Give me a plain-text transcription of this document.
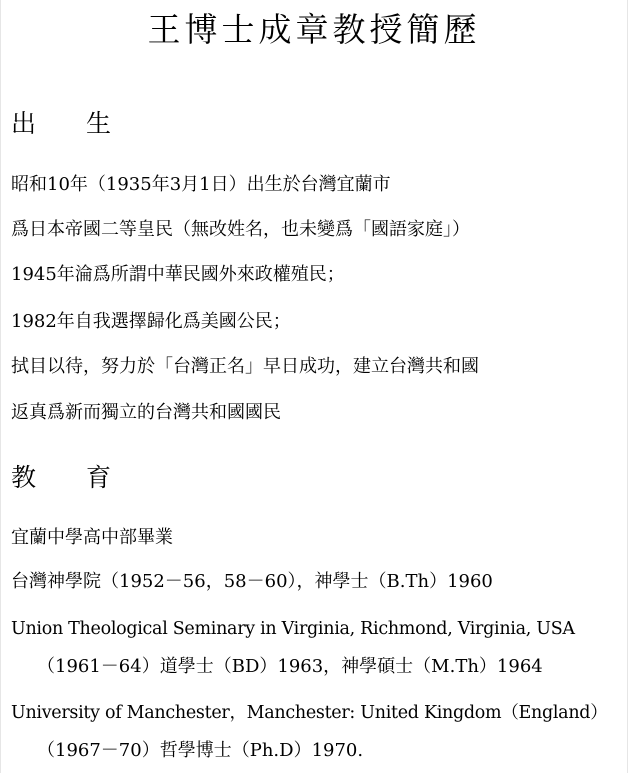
王博士成章教授簡歷
出　　生
昭和10年（1935年3月1日）出生於台灣宜蘭市
爲日本帝國二等皇民（無改姓名，也未變爲「國語家庭」）
1945年淪爲所謂中華民國外來政權殖民；
1982年自我選擇歸化爲美國公民；
拭目以待，努力於「台灣正名」早日成功，建立台灣共和國
返真爲新而獨立的台灣共和國國民
教　　育
宜蘭中學高中部畢業
台灣神學院（1952－56，58－60），神學士（B.Th）1960
Union Theological Seminary in Virginia, Richmond, Virginia, USA
（1961－64）道學士（BD）1963，神學碩士（M.Th）1964
University of Manchester，Manchester: United Kingdom（England）
（1967－70）哲學博士（Ph.D）1970.
